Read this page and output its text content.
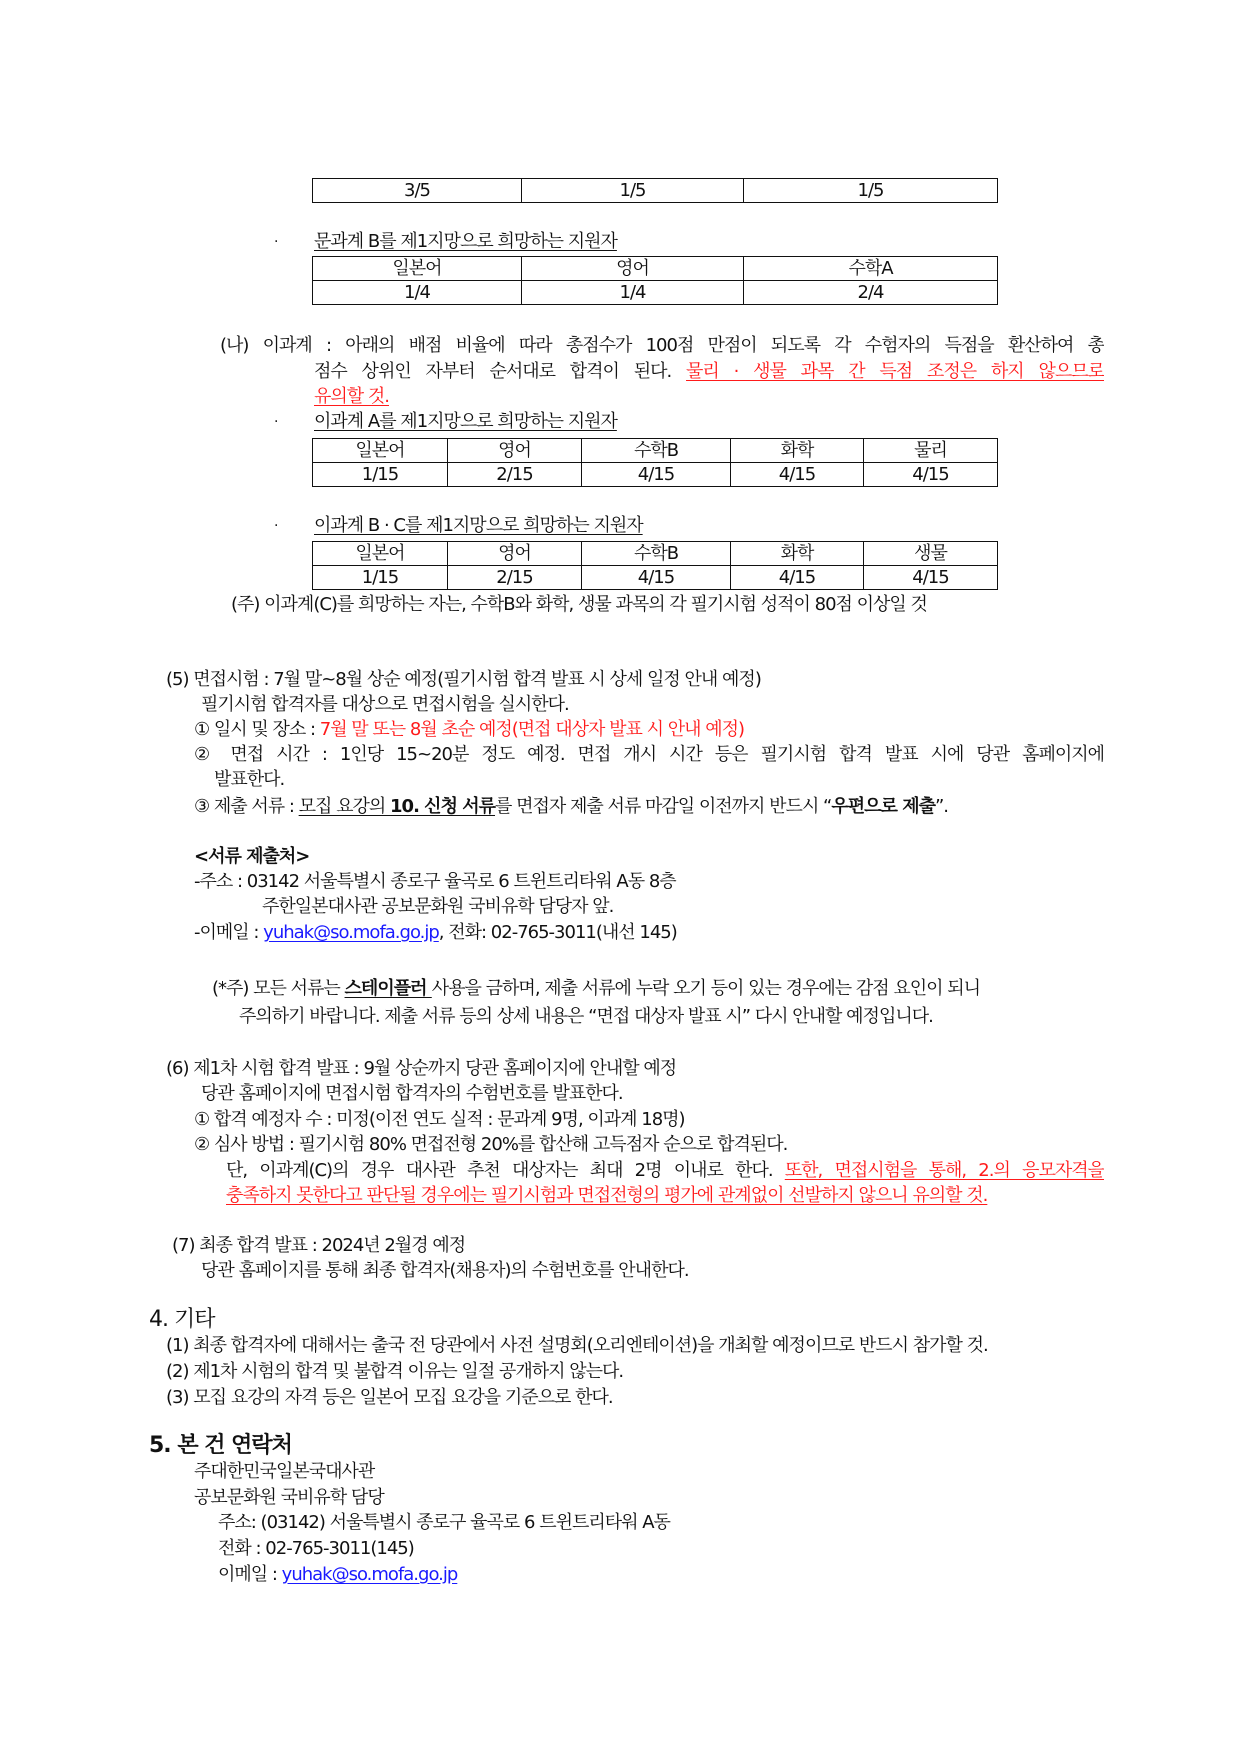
3/5	1/5	1/5
· 문과계 B를 제1지망으로 희망하는 지원자
일본어	영어	수학A
1/4	1/4	2/4
(나) 이과계 : 아래의 배점 비율에 따라 총점수가 100점 만점이 되도록 각 수험자의 득점을 환산하여 총
점수 상위인 자부터 순서대로 합격이 된다. 물리 · 생물 과목 간 득점 조정은 하지 않으므로
유의할 것.
· 이과계 A를 제1지망으로 희망하는 지원자
일본어	영어	수학B	화학	물리
1/15	2/15	4/15	4/15	4/15
· 이과계 B · C를 제1지망으로 희망하는 지원자
일본어	영어	수학B	화학	생물
1/15	2/15	4/15	4/15	4/15
(주) 이과계(C)를 희망하는 자는, 수학B와 화학, 생물 과목의 각 필기시험 성적이 80점 이상일 것
(5) 면접시험 : 7월 말~8월 상순 예정(필기시험 합격 발표 시 상세 일정 안내 예정)
필기시험 합격자를 대상으로 면접시험을 실시한다.
① 일시 및 장소 : 7월 말 또는 8월 초순 예정(면접 대상자 발표 시 안내 예정)
② 면접 시간 : 1인당 15~20분 정도 예정. 면접 개시 시간 등은 필기시험 합격 발표 시에 당관 홈페이지에
발표한다.
③ 제출 서류 : 모집 요강의 10. 신청 서류를 면접자 제출 서류 마감일 이전까지 반드시 “우편으로 제출”.
<서류 제출처>
-주소 : 03142 서울특별시 종로구 율곡로 6 트윈트리타워 A동 8층
주한일본대사관 공보문화원 국비유학 담당자 앞.
-이메일 : yuhak@so.mofa.go.jp, 전화: 02-765-3011(내선 145)
(*주) 모든 서류는 스테이플러 사용을 금하며, 제출 서류에 누락 오기 등이 있는 경우에는 감점 요인이 되니
주의하기 바랍니다. 제출 서류 등의 상세 내용은 “면접 대상자 발표 시” 다시 안내할 예정입니다.
(6) 제1차 시험 합격 발표 : 9월 상순까지 당관 홈페이지에 안내할 예정
당관 홈페이지에 면접시험 합격자의 수험번호를 발표한다.
① 합격 예정자 수 : 미정(이전 연도 실적 : 문과계 9명, 이과계 18명)
② 심사 방법 : 필기시험 80% 면접전형 20%를 합산해 고득점자 순으로 합격된다.
단, 이과계(C)의 경우 대사관 추천 대상자는 최대 2명 이내로 한다. 또한, 면접시험을 통해, 2.의 응모자격을
충족하지 못한다고 판단될 경우에는 필기시험과 면접전형의 평가에 관계없이 선발하지 않으니 유의할 것.
(7) 최종 합격 발표 : 2024년 2월경 예정
당관 홈페이지를 통해 최종 합격자(채용자)의 수험번호를 안내한다.
4. 기타
(1) 최종 합격자에 대해서는 출국 전 당관에서 사전 설명회(오리엔테이션)을 개최할 예정이므로 반드시 참가할 것.
(2) 제1차 시험의 합격 및 불합격 이유는 일절 공개하지 않는다.
(3) 모집 요강의 자격 등은 일본어 모집 요강을 기준으로 한다.
5. 본 건 연락처
주대한민국일본국대사관
공보문화원 국비유학 담당
주소: (03142) 서울특별시 종로구 율곡로 6 트윈트리타워 A동
전화 : 02-765-3011(145)
이메일 : yuhak@so.mofa.go.jp
